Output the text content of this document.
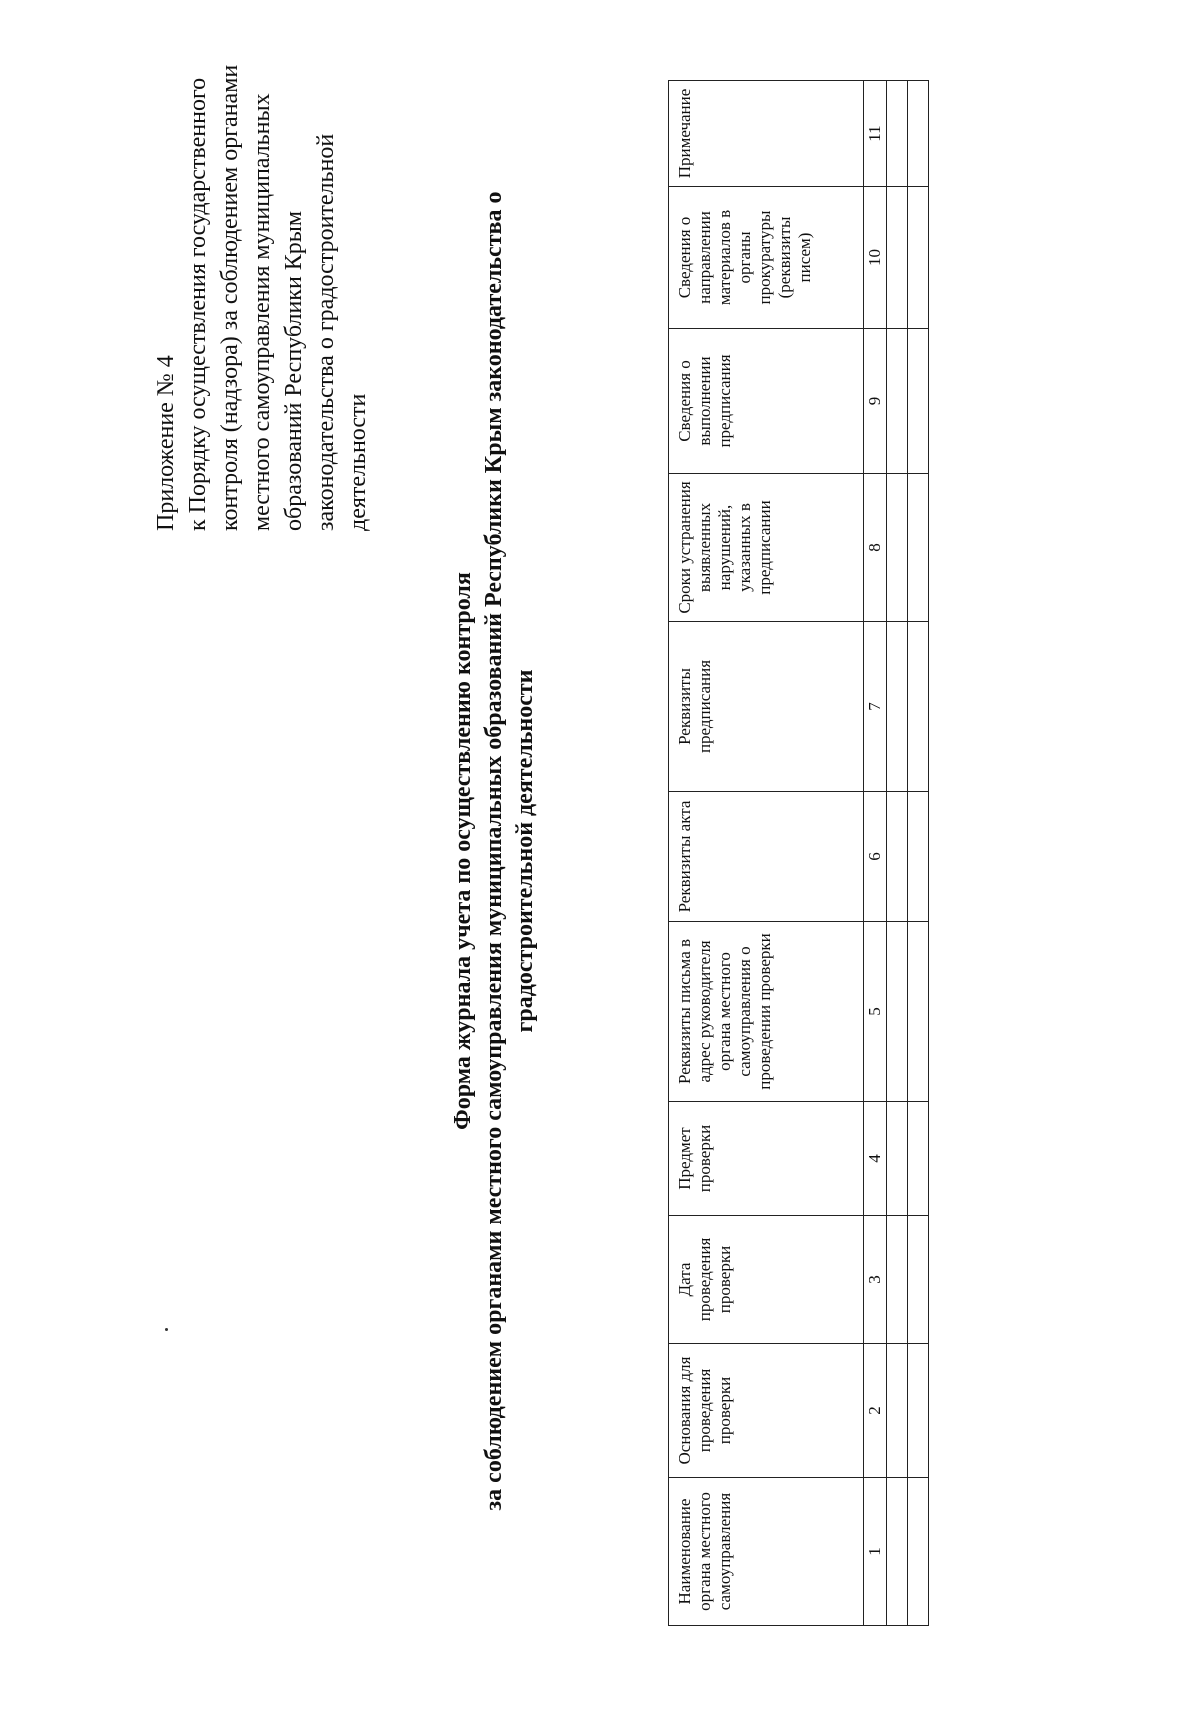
Приложение № 4 к Порядку осуществления государственного контроля (надзора) за соблюдением органами местного самоуправления муниципальных образований Республики Крым законодательства о градостроительной деятельности
Форма журнала учета по осуществлению контроля за соблюдением органами местного самоуправления муниципальных образований Республики Крым законодательства о градостроительной деятельности
Наименование органа местного самоуправления	Основания для проведения проверки	Дата проведения проверки	Предмет проверки	Реквизиты письма в адрес руководителя органа местного самоуправления о проведении проверки	Реквизиты акта	Реквизиты предписания	Сроки устранения выявленных нарушений, указанных в предписании	Сведения о выполнении предписания	Сведения о направлении материалов в органы прокуратуры (реквизиты писем)	Примечание
1	2	3	4	5	6	7	8	9	10	11
